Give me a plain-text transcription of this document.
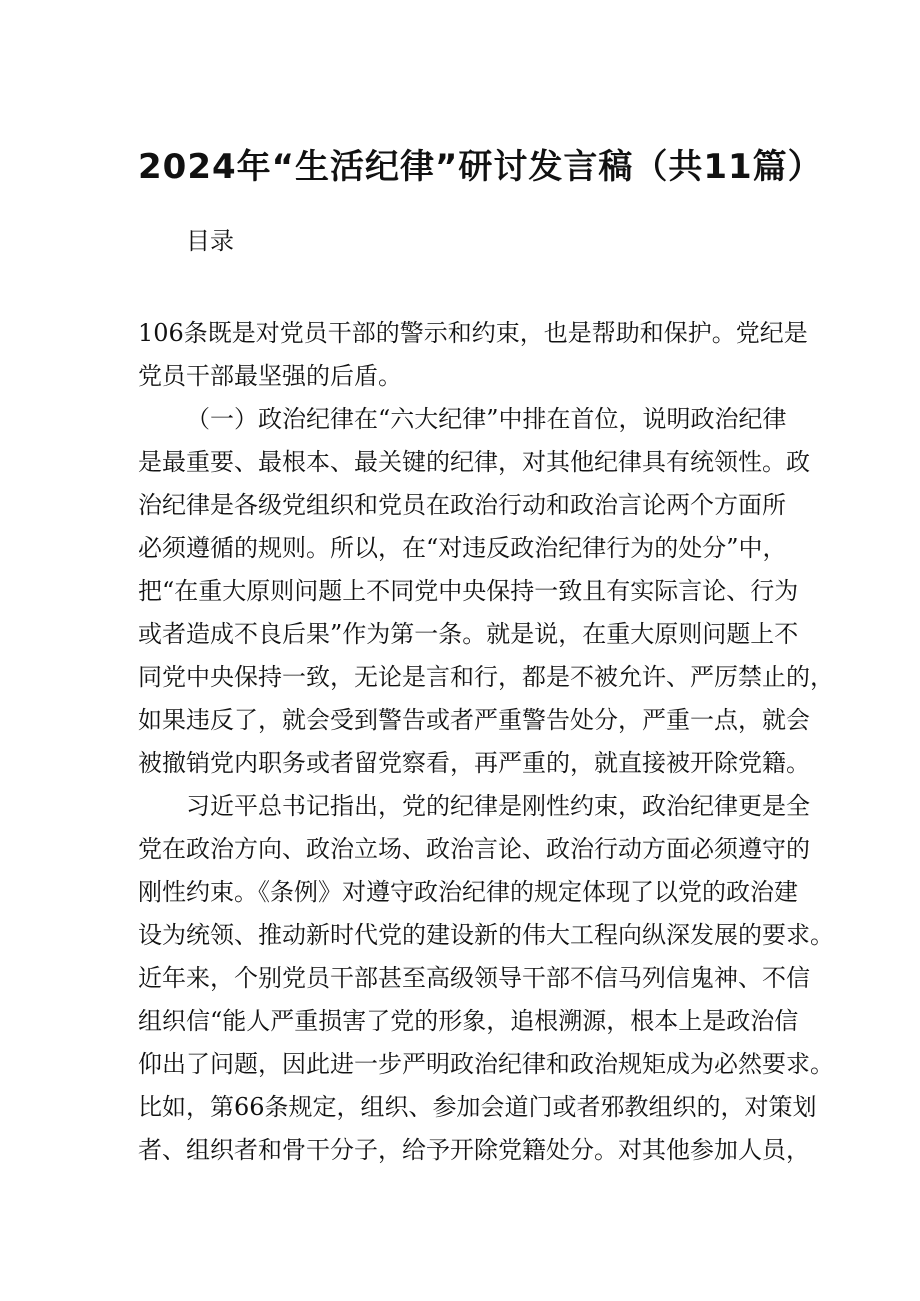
2024年“生活纪律”研讨发言稿（共11篇）
目录
106条既是对党员干部的警示和约束，也是帮助和保护。党纪是
党员干部最坚强的后盾。
（一）政治纪律在“六大纪律”中排在首位，说明政治纪律
是最重要、最根本、最关键的纪律，对其他纪律具有统领性。政
治纪律是各级党组织和党员在政治行动和政治言论两个方面所
必须遵循的规则。所以，在“对违反政治纪律行为的处分”中，
把“在重大原则问题上不同党中央保持一致且有实际言论、行为
或者造成不良后果”作为第一条。就是说，在重大原则问题上不
同党中央保持一致，无论是言和行，都是不被允许、严厉禁止的，
如果违反了，就会受到警告或者严重警告处分，严重一点，就会
被撤销党内职务或者留党察看，再严重的，就直接被开除党籍。
习近平总书记指出，党的纪律是刚性约束，政治纪律更是全
党在政治方向、政治立场、政治言论、政治行动方面必须遵守的
刚性约束。《条例》对遵守政治纪律的规定体现了以党的政治建
设为统领、推动新时代党的建设新的伟大工程向纵深发展的要求。
近年来，个别党员干部甚至高级领导干部不信马列信鬼神、不信
组织信“能人严重损害了党的形象，追根溯源，根本上是政治信
仰出了问题，因此进一步严明政治纪律和政治规矩成为必然要求。
比如，第66条规定，组织、参加会道门或者邪教组织的，对策划
者、组织者和骨干分子，给予开除党籍处分。对其他参加人员，
